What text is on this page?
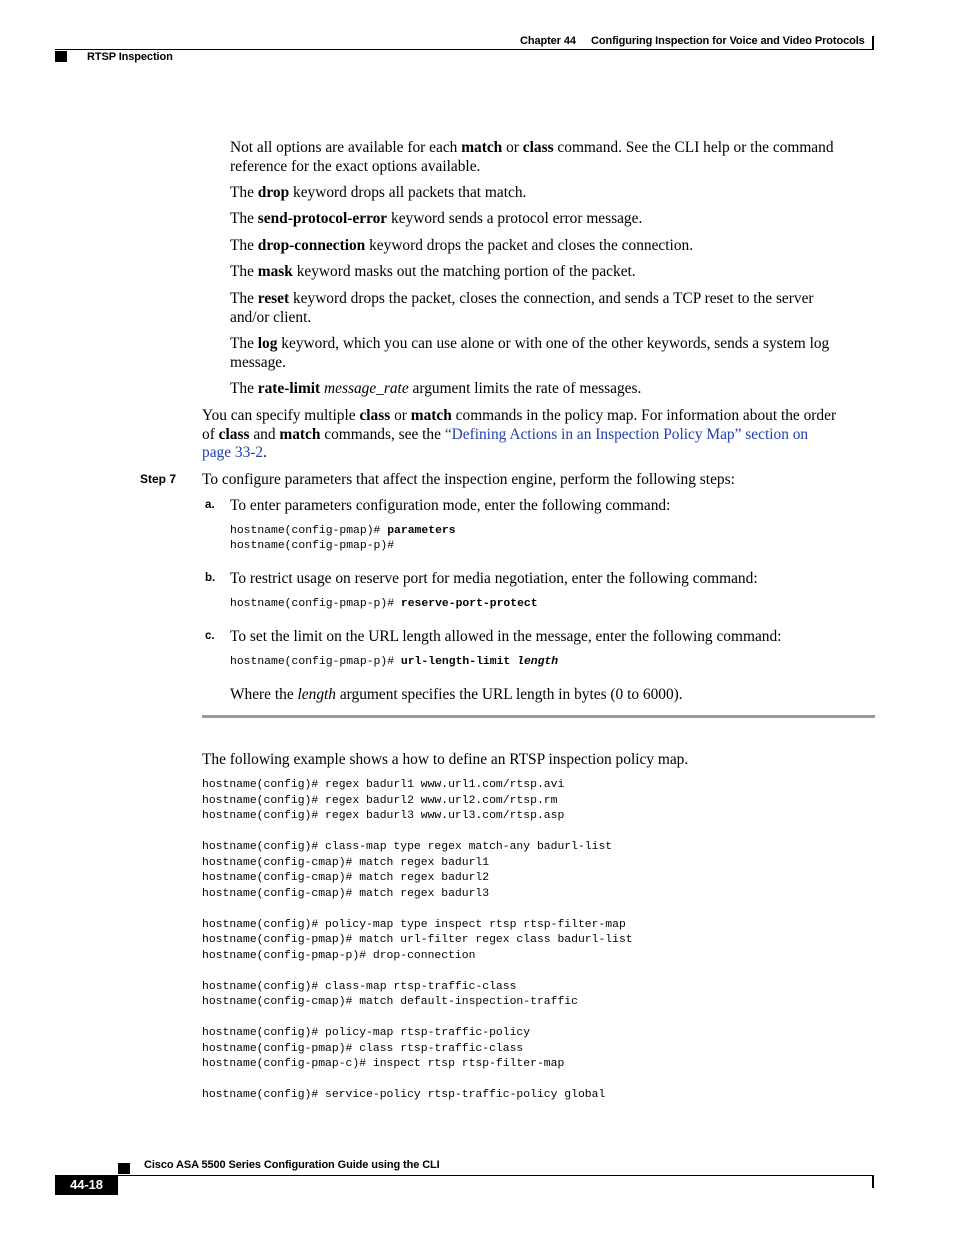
Chapter 44 Configuring Inspection for Voice and Video Protocols
RTSP Inspection
Not all options are available for each match or class command. See the CLI help or the command
reference for the exact options available.
The drop keyword drops all packets that match.
The send-protocol-error keyword sends a protocol error message.
The drop-connection keyword drops the packet and closes the connection.
The mask keyword masks out the matching portion of the packet.
The reset keyword drops the packet, closes the connection, and sends a TCP reset to the server
and/or client.
The log keyword, which you can use alone or with one of the other keywords, sends a system log
message.
The rate-limit message_rate argument limits the rate of messages.
You can specify multiple class or match commands in the policy map. For information about the order
of class and match commands, see the “Defining Actions in an Inspection Policy Map” section on
page 33-2.
Step 7 To configure parameters that affect the inspection engine, perform the following steps:
a. To enter parameters configuration mode, enter the following command:
hostname(config-pmap)# parameters
hostname(config-pmap-p)#
b. To restrict usage on reserve port for media negotiation, enter the following command:
hostname(config-pmap-p)# reserve-port-protect
c. To set the limit on the URL length allowed in the message, enter the following command:
hostname(config-pmap-p)# url-length-limit length
Where the length argument specifies the URL length in bytes (0 to 6000).
The following example shows a how to define an RTSP inspection policy map.
hostname(config)# regex badurl1 www.url1.com/rtsp.avi
hostname(config)# regex badurl2 www.url2.com/rtsp.rm
hostname(config)# regex badurl3 www.url3.com/rtsp.asp

hostname(config)# class-map type regex match-any badurl-list
hostname(config-cmap)# match regex badurl1
hostname(config-cmap)# match regex badurl2
hostname(config-cmap)# match regex badurl3

hostname(config)# policy-map type inspect rtsp rtsp-filter-map
hostname(config-pmap)# match url-filter regex class badurl-list
hostname(config-pmap-p)# drop-connection

hostname(config)# class-map rtsp-traffic-class
hostname(config-cmap)# match default-inspection-traffic

hostname(config)# policy-map rtsp-traffic-policy
hostname(config-pmap)# class rtsp-traffic-class
hostname(config-pmap-c)# inspect rtsp rtsp-filter-map

hostname(config)# service-policy rtsp-traffic-policy global
Cisco ASA 5500 Series Configuration Guide using the CLI
44-18
